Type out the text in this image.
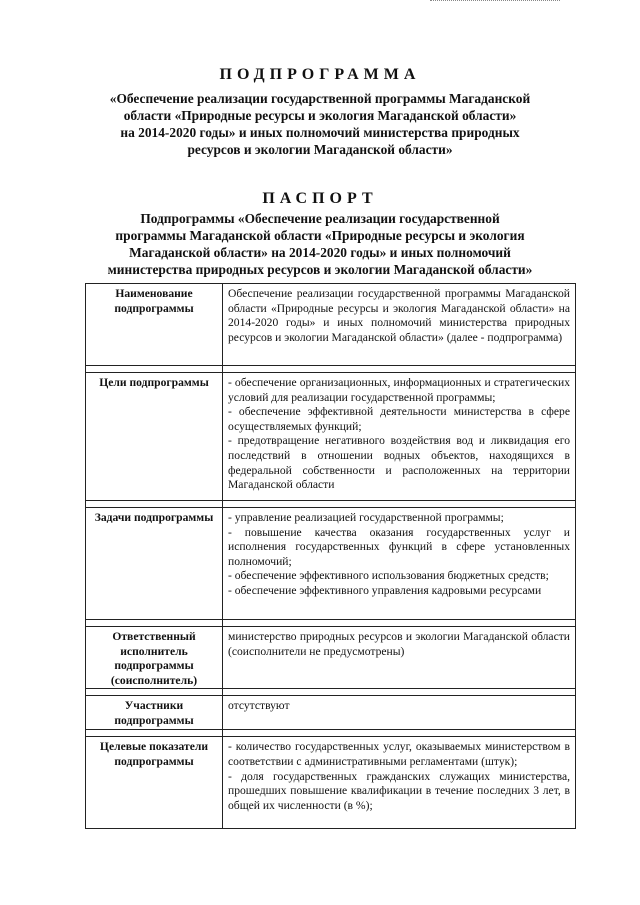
ПОДПРОГРАММА
«Обеспечение реализации государственной программы Магаданской
области «Природные ресурсы и экология Магаданской области»
на 2014-2020 годы» и иных полномочий министерства природных
ресурсов и экологии Магаданской области»
ПАСПОРТ
Подпрограммы «Обеспечение реализации государственной
программы Магаданской области «Природные ресурсы и экология
Магаданской области» на 2014-2020 годы» и иных полномочий
министерства природных ресурсов и экологии Магаданской области»
Наименование подпрограммы	Обеспечение реализации государственной программы Магаданской области «Природные ресурсы и экология Магаданской области» на 2014-2020 годы» и иных полномочий министерства природных ресурсов и экологии Магаданской области» (далее - подпрограмма)

Цели подпрограммы	- обеспечение организационных, информационных и стратегических условий для реализации государственной программы;
- обеспечение эффективной деятельности министерства в сфере осуществляемых функций;
- предотвращение негативного воздействия вод и ликвидация его последствий в отношении водных объектов, находящихся в федеральной собственности и расположенных на территории Магаданской области

Задачи подпрограммы	- управление реализацией государственной программы;
- повышение качества оказания государственных услуг и исполнения государственных функций в сфере установленных полномочий;
- обеспечение эффективного использования бюджетных средств;
- обеспечение эффективного управления кадровыми ресурсами

Ответственный исполнитель подпрограммы (соисполнитель)	министерство природных ресурсов и экологии Магаданской области (соисполнители не предусмотрены)

Участники подпрограммы	отсутствуют

Целевые показатели подпрограммы	- количество государственных услуг, оказываемых министерством в соответствии с административными регламентами (штук);
- доля государственных гражданских служащих министерства, прошедших повышение квалификации в течение последних 3 лет, в общей их численности (в %);
